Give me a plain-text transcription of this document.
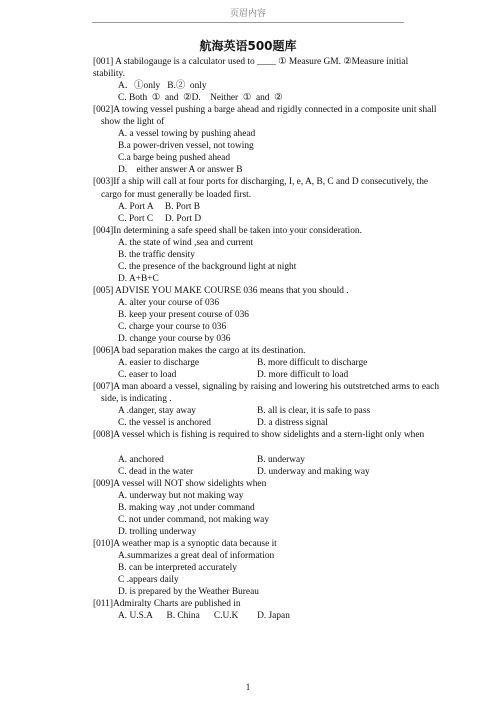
页眉内容
航海英语500题库
[001] A stabilogauge is a calculator used to ____ ① Measure GM. ②Measure initial
stability.
A．①only   B.②  only
C. Both  ①  and  ②D.    Neither  ①  and  ②
[002]A towing vessel pushing a barge ahead and rigidly connected in a composite unit shall
show the light of
A. a vessel towing by pushing ahead
B.a power-driven vessel, not towing
C.a barge being pushed ahead
D.    either answer A or answer B
[003]If a ship will call at four ports for discharging, I, e, A, B, C and D consecutively, the
cargo for must generally be loaded first.
A. Port A     B. Port B
C. Port C     D. Port D
[004]In determining a safe speed shall be taken into your consideration.
A. the state of wind ,sea and current
B. the traffic density
C. the presence of the background light at night
D. A+B+C
[005] ADVISE YOU MAKE COURSE 036 means that you should .
A. alter your course of 036
B. keep your present course of 036
C. charge your course to 036
D. change your course by 036
[006]A bad separation makes the cargo at its destination.
A. easier to discharge	B. more difficult to discharge
C. easer to load	D. more difficult to load
[007]A man aboard a vessel, signaling by raising and lowering his outstretched arms to each
side, is indicating .
A .danger, stay away	B. all is clear, it is safe to pass
C. the vessel is anchored	D. a distress signal
[008]A vessel which is fishing is required to show sidelights and a stern-light only when
A. anchored	B. underway
C. dead in the water	D. underway and making way
[009]A vessel will NOT show sidelights when
A. underway but not making way
B. making way ,not under command
C. not under command, not making way
D. trolling underway
[010]A weather map is a synoptic data because it
A.summarizes a great deal of information
B. can be interpreted accurately
C .appears daily
D. is prepared by the Weather Bureau
[011]Admiralty Charts are published in
A. U.S.A      B. China      C.U.K        D. Japan
1
